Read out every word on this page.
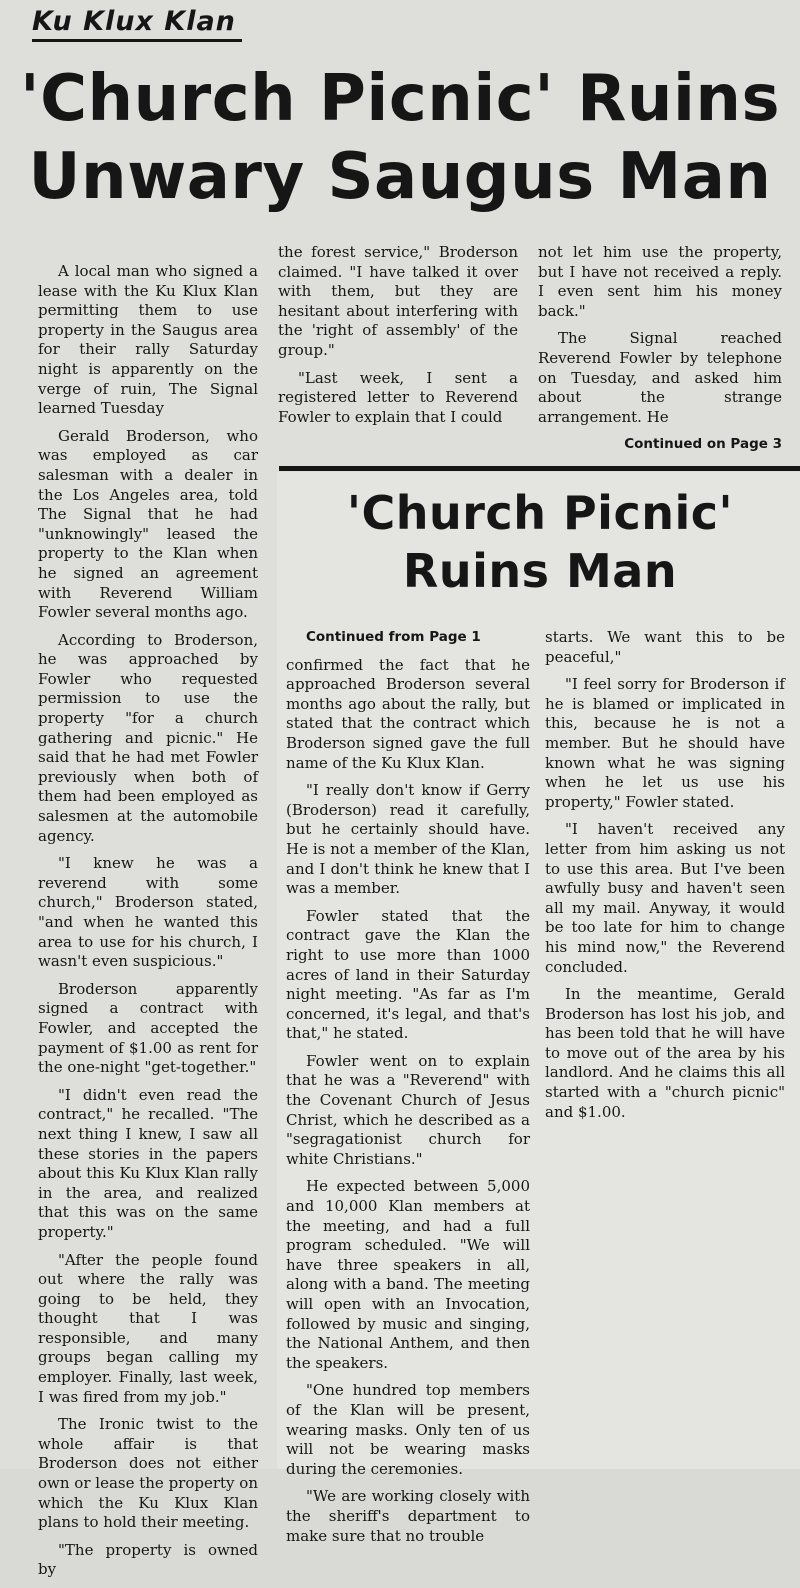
Ku Klux Klan
'Church Picnic' Ruins
Unwary Saugus Man

A local man who signed a lease with the Ku Klux Klan permitting them to use property in the Saugus area for their rally Saturday night is apparently on the verge of ruin, The Signal learned Tuesday

Gerald Broderson, who was employed as car salesman with a dealer in the Los Angeles area, told The Signal that he had "unknowingly" leased the property to the Klan when he signed an agreement with Reverend William Fowler several months ago.

According to Broderson, he was approached by Fowler who requested permission to use the property "for a church gathering and picnic." He said that he had met Fowler previously when both of them had been employed as salesmen at the automobile agency.

"I knew he was a reverend with some church," Broderson stated, "and when he wanted this area to use for his church, I wasn't even suspicious."

Broderson apparently signed a contract with Fowler, and accepted the payment of $1.00 as rent for the one-night "get-together."

"I didn't even read the contract," he recalled. "The next thing I knew, I saw all these stories in the papers about this Ku Klux Klan rally in the area, and realized that this was on the same property."

"After the people found out where the rally was going to be held, they thought that I was responsible, and many groups began calling my employer. Finally, last week, I was fired from my job."

The Ironic twist to the whole affair is that Broderson does not either own or lease the property on which the Ku Klux Klan plans to hold their meeting.

"The property is owned by

the forest service," Broderson claimed. "I have talked it over with them, but they are hesitant about interfering with the 'right of assembly' of the group."

"Last week, I sent a registered letter to Reverend Fowler to explain that I could

not let him use the property, but I have not received a reply. I even sent him his money back."

The Signal reached Reverend Fowler by telephone on Tuesday, and asked him about the strange arrangement. He

Continued on Page 3

'Church Picnic'
Ruins Man

Continued from Page 1

confirmed the fact that he approached Broderson several months ago about the rally, but stated that the contract which Broderson signed gave the full name of the Ku Klux Klan.

"I really don't know if Gerry (Broderson) read it carefully, but he certainly should have. He is not a member of the Klan, and I don't think he knew that I was a member.

Fowler stated that the contract gave the Klan the right to use more than 1000 acres of land in their Saturday night meeting. "As far as I'm concerned, it's legal, and that's that," he stated.

Fowler went on to explain that he was a "Reverend" with the Covenant Church of Jesus Christ, which he described as a "segragationist church for white Christians."

He expected between 5,000 and 10,000 Klan members at the meeting, and had a full program scheduled. "We will have three speakers in all, along with a band. The meeting will open with an Invocation, followed by music and singing, the National Anthem, and then the speakers.

"One hundred top members of the Klan will be present, wearing masks. Only ten of us will not be wearing masks during the ceremonies.

"We are working closely with the sheriff's department to make sure that no trouble

starts. We want this to be peaceful,"

"I feel sorry for Broderson if he is blamed or implicated in this, because he is not a member. But he should have known what he was signing when he let us use his property," Fowler stated.

"I haven't received any letter from him asking us not to use this area. But I've been awfully busy and haven't seen all my mail. Anyway, it would be too late for him to change his mind now," the Reverend concluded.

In the meantime, Gerald Broderson has lost his job, and has been told that he will have to move out of the area by his landlord. And he claims this all started with a "church picnic" and $1.00.
